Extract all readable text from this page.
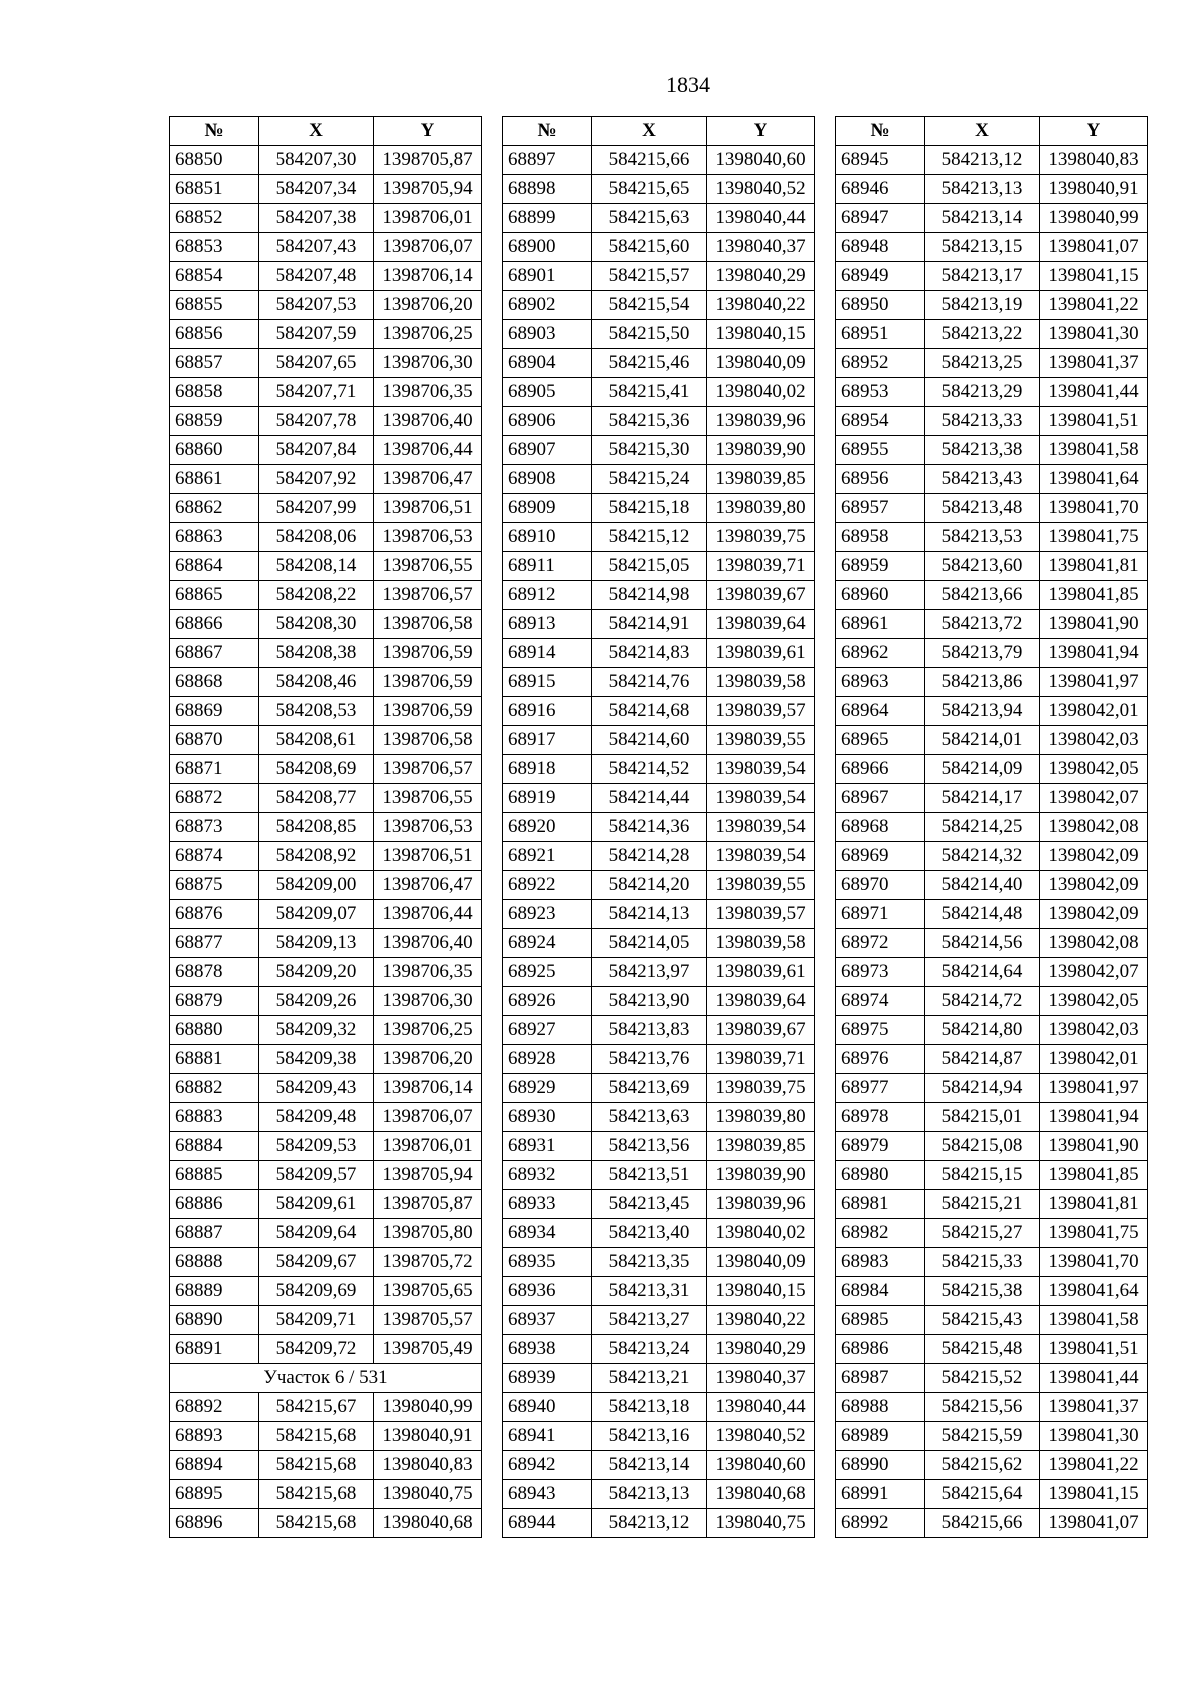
1834
№	X	Y
68850	584207,30	1398705,87
68851	584207,34	1398705,94
68852	584207,38	1398706,01
68853	584207,43	1398706,07
68854	584207,48	1398706,14
68855	584207,53	1398706,20
68856	584207,59	1398706,25
68857	584207,65	1398706,30
68858	584207,71	1398706,35
68859	584207,78	1398706,40
68860	584207,84	1398706,44
68861	584207,92	1398706,47
68862	584207,99	1398706,51
68863	584208,06	1398706,53
68864	584208,14	1398706,55
68865	584208,22	1398706,57
68866	584208,30	1398706,58
68867	584208,38	1398706,59
68868	584208,46	1398706,59
68869	584208,53	1398706,59
68870	584208,61	1398706,58
68871	584208,69	1398706,57
68872	584208,77	1398706,55
68873	584208,85	1398706,53
68874	584208,92	1398706,51
68875	584209,00	1398706,47
68876	584209,07	1398706,44
68877	584209,13	1398706,40
68878	584209,20	1398706,35
68879	584209,26	1398706,30
68880	584209,32	1398706,25
68881	584209,38	1398706,20
68882	584209,43	1398706,14
68883	584209,48	1398706,07
68884	584209,53	1398706,01
68885	584209,57	1398705,94
68886	584209,61	1398705,87
68887	584209,64	1398705,80
68888	584209,67	1398705,72
68889	584209,69	1398705,65
68890	584209,71	1398705,57
68891	584209,72	1398705,49
Участок 6 / 531		
68892	584215,67	1398040,99
68893	584215,68	1398040,91
68894	584215,68	1398040,83
68895	584215,68	1398040,75
68896	584215,68	1398040,68
№	X	Y
68897	584215,66	1398040,60
68898	584215,65	1398040,52
68899	584215,63	1398040,44
68900	584215,60	1398040,37
68901	584215,57	1398040,29
68902	584215,54	1398040,22
68903	584215,50	1398040,15
68904	584215,46	1398040,09
68905	584215,41	1398040,02
68906	584215,36	1398039,96
68907	584215,30	1398039,90
68908	584215,24	1398039,85
68909	584215,18	1398039,80
68910	584215,12	1398039,75
68911	584215,05	1398039,71
68912	584214,98	1398039,67
68913	584214,91	1398039,64
68914	584214,83	1398039,61
68915	584214,76	1398039,58
68916	584214,68	1398039,57
68917	584214,60	1398039,55
68918	584214,52	1398039,54
68919	584214,44	1398039,54
68920	584214,36	1398039,54
68921	584214,28	1398039,54
68922	584214,20	1398039,55
68923	584214,13	1398039,57
68924	584214,05	1398039,58
68925	584213,97	1398039,61
68926	584213,90	1398039,64
68927	584213,83	1398039,67
68928	584213,76	1398039,71
68929	584213,69	1398039,75
68930	584213,63	1398039,80
68931	584213,56	1398039,85
68932	584213,51	1398039,90
68933	584213,45	1398039,96
68934	584213,40	1398040,02
68935	584213,35	1398040,09
68936	584213,31	1398040,15
68937	584213,27	1398040,22
68938	584213,24	1398040,29
68939	584213,21	1398040,37
68940	584213,18	1398040,44
68941	584213,16	1398040,52
68942	584213,14	1398040,60
68943	584213,13	1398040,68
68944	584213,12	1398040,75
№	X	Y
68945	584213,12	1398040,83
68946	584213,13	1398040,91
68947	584213,14	1398040,99
68948	584213,15	1398041,07
68949	584213,17	1398041,15
68950	584213,19	1398041,22
68951	584213,22	1398041,30
68952	584213,25	1398041,37
68953	584213,29	1398041,44
68954	584213,33	1398041,51
68955	584213,38	1398041,58
68956	584213,43	1398041,64
68957	584213,48	1398041,70
68958	584213,53	1398041,75
68959	584213,60	1398041,81
68960	584213,66	1398041,85
68961	584213,72	1398041,90
68962	584213,79	1398041,94
68963	584213,86	1398041,97
68964	584213,94	1398042,01
68965	584214,01	1398042,03
68966	584214,09	1398042,05
68967	584214,17	1398042,07
68968	584214,25	1398042,08
68969	584214,32	1398042,09
68970	584214,40	1398042,09
68971	584214,48	1398042,09
68972	584214,56	1398042,08
68973	584214,64	1398042,07
68974	584214,72	1398042,05
68975	584214,80	1398042,03
68976	584214,87	1398042,01
68977	584214,94	1398041,97
68978	584215,01	1398041,94
68979	584215,08	1398041,90
68980	584215,15	1398041,85
68981	584215,21	1398041,81
68982	584215,27	1398041,75
68983	584215,33	1398041,70
68984	584215,38	1398041,64
68985	584215,43	1398041,58
68986	584215,48	1398041,51
68987	584215,52	1398041,44
68988	584215,56	1398041,37
68989	584215,59	1398041,30
68990	584215,62	1398041,22
68991	584215,64	1398041,15
68992	584215,66	1398041,07
